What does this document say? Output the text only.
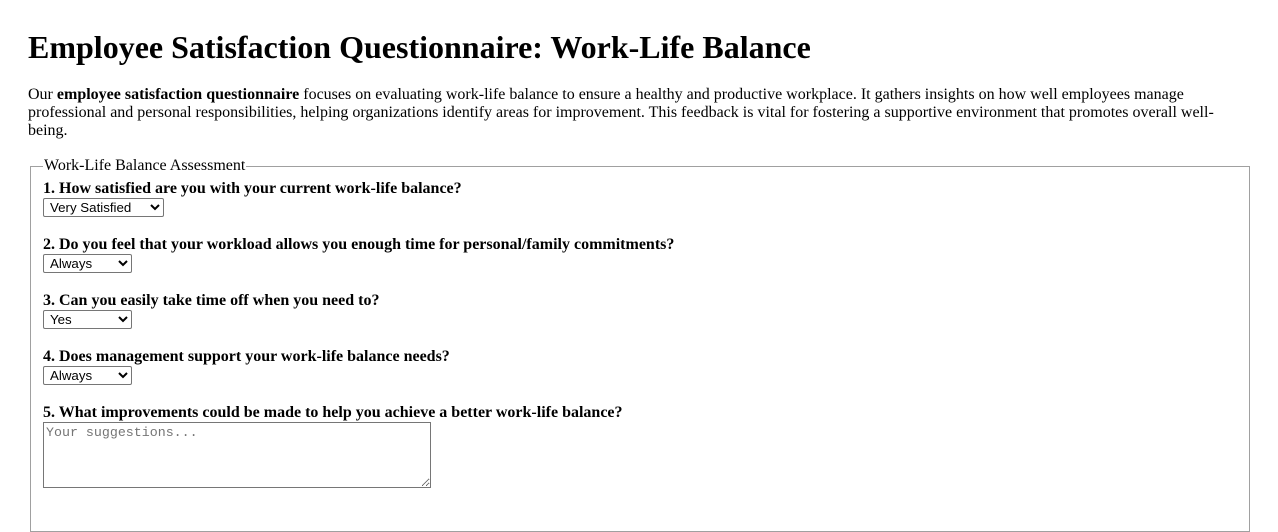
Employee Satisfaction Questionnaire: Work-Life Balance

Our employee satisfaction questionnaire focuses on evaluating work-life balance to ensure a healthy and productive workplace. It gathers insights on how well employees manage professional and personal responsibilities, helping organizations identify areas for improvement. This feedback is vital for fostering a supportive environment that promotes overall well-being.

Work-Life Balance Assessment
1. How satisfied are you with your current work-life balance?
Very Satisfied
2. Do you feel that your workload allows you enough time for personal/family commitments?
Always
3. Can you easily take time off when you need to?
Yes
4. Does management support your work-life balance needs?
Always
5. What improvements could be made to help you achieve a better work-life balance?
Your suggestions...
